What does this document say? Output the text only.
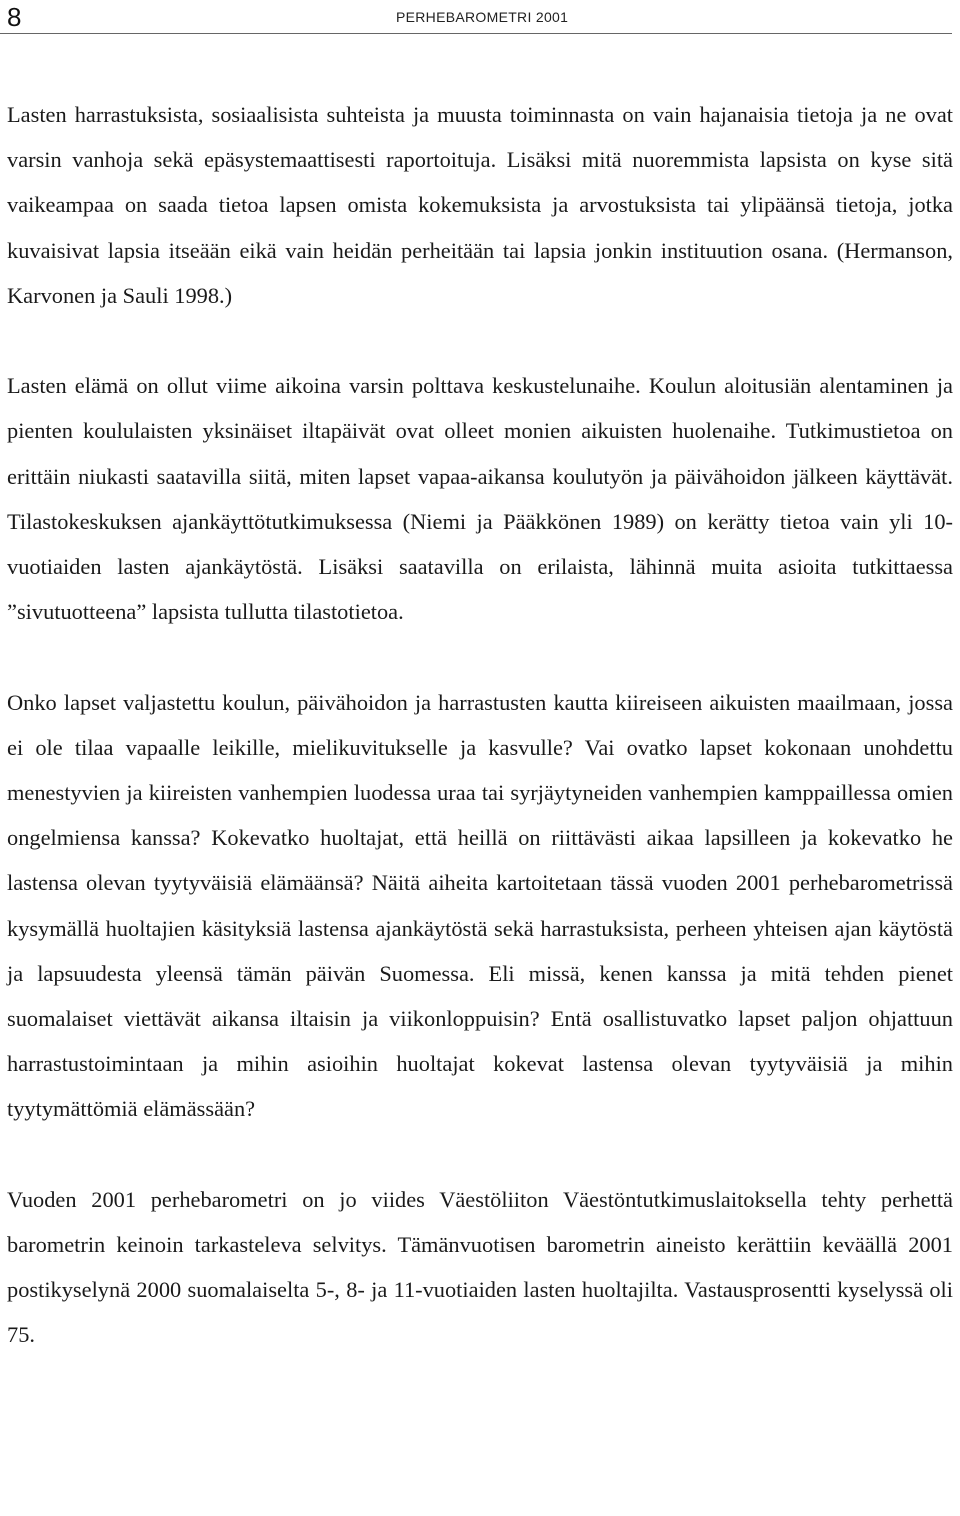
8	PERHEBAROMETRI 2001

Lasten harrastuksista, sosiaalisista suhteista ja muusta toiminnasta on vain hajanaisia tietoja ja ne ovat varsin vanhoja sekä epäsystemaattisesti raportoituja. Lisäksi mitä nuoremmista lapsista on kyse sitä vaikeampaa on saada tietoa lapsen omista kokemuksista ja arvostuksista tai ylipäänsä tietoja, jotka kuvaisivat lapsia itseään eikä vain heidän perheitään tai lapsia jonkin instituution osana. (Hermanson, Karvonen ja Sauli 1998.)

Lasten elämä on ollut viime aikoina varsin polttava keskustelunaihe. Koulun aloitusiän alentaminen ja pienten koululaisten yksinäiset iltapäivät ovat olleet monien aikuisten huolenaihe. Tutkimustietoa on erittäin niukasti saatavilla siitä, miten lapset vapaa-aikansa koulutyön ja päivähoidon jälkeen käyttävät. Tilastokeskuksen ajankäyttötutkimuksessa (Niemi ja Pääkkönen 1989) on kerätty tietoa vain yli 10-vuotiaiden lasten ajankäytöstä. Lisäksi saatavilla on erilaista, lähinnä muita asioita tutkittaessa ”sivutuotteena” lapsista tullutta tilastotietoa.

Onko lapset valjastettu koulun, päivähoidon ja harrastusten kautta kiireiseen aikuisten maailmaan, jossa ei ole tilaa vapaalle leikille, mielikuvitukselle ja kasvulle? Vai ovatko lapset kokonaan unohdettu menestyvien ja kiireisten vanhempien luodessa uraa tai syrjäytyneiden vanhempien kamppaillessa omien ongelmiensa kanssa? Kokevatko huoltajat, että heillä on riittävästi aikaa lapsilleen ja kokevatko he lastensa olevan tyytyväisiä elämäänsä? Näitä aiheita kartoitetaan tässä vuoden 2001 perhebarometrissä kysymällä huoltajien käsityksiä lastensa ajankäytöstä sekä harrastuksista, perheen yhteisen ajan käytöstä ja lapsuudesta yleensä tämän päivän Suomessa. Eli missä, kenen kanssa ja mitä tehden pienet suomalaiset viettävät aikansa iltaisin ja viikonloppuisin? Entä osallistuvatko lapset paljon ohjattuun harrastustoimintaan ja mihin asioihin huoltajat kokevat lastensa olevan tyytyväisiä ja mihin tyytymättömiä elämässään?

Vuoden 2001 perhebarometri on jo viides Väestöliiton Väestöntutkimuslaitoksella tehty perhettä barometrin keinoin tarkasteleva selvitys. Tämänvuotisen barometrin aineisto kerättiin keväällä 2001 postikyselynä 2000 suomalaiselta 5-, 8- ja 11-vuotiaiden lasten huoltajilta. Vastausprosentti kyselyssä oli 75.
